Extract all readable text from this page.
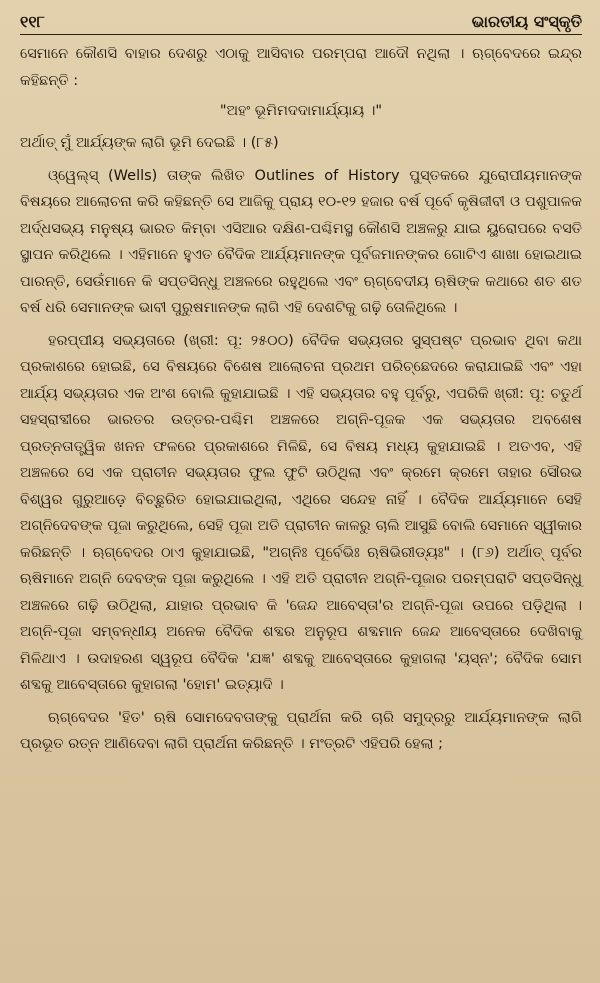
୧୧୮	ଭାରତୀୟ ସଂସ୍କୃତି

ସେମାନେ କୌଣସି ବାହାର ଦେଶରୁ ଏଠାକୁ ଆସିବାର ପରମ୍ପରା ଆଦୌ ନଥିଲା । ଋଗ୍‌ବେଦରେ ଇନ୍ଦ୍ର କହିଛନ୍ତି :

"ଅହଂ ଭୂମିମଦଦାମାର୍ଯ୍ୟାୟ ।"

ଅର୍ଥାତ୍ ମୁଁ ଆର୍ଯ୍ୟଙ୍କ ଲାଗି ଭୂମି ଦେଇଛି । (୮୫)

ଓ୍ୱେଲ୍‌ସ୍ (Wells) ତାଙ୍କ ଲିଖିତ Outlines of History ପୁସ୍ତକରେ ଯୁରୋପୀୟମାନଙ୍କ ବିଷୟରେ ଆଲୋଚନା କରି କହିଛନ୍ତି ସେ ଆଜିକୁ ପ୍ରାୟ ୧୦-୧୨ ହଜାର ବର୍ଷ ପୂର୍ବେ କୃଷିଜୀବୀ ଓ ପଶୁପାଳକ ଅର୍ଦ୍ଧସଭ୍ୟ ମନୁଷ୍ୟ ଭାରତ କିମ୍ବା ଏସିଆର ଦକ୍ଷିଣ-ପଶ୍ଚିମସ୍ଥ କୌଣସି ଅଞ୍ଚଳରୁ ଯାଇ ୟୁରୋପରେ ବସତି ସ୍ଥାପନ କରିଥିଲେ । ଏହିମାନେ ହୁଏତ ବୈଦିକ ଆର୍ଯ୍ୟମାନଙ୍କ ପୂର୍ବଜମାନଙ୍କର ଗୋଟିଏ ଶାଖା ହୋଇଥାଇ ପାରନ୍ତି, ସେଉଁମାନେ କି ସପ୍ତସିନ୍ଧୁ ଅଞ୍ଚଳରେ ରହୁଥିଲେ ଏବଂ ଋଗ୍‌ବେଦୀୟ ଋଷିଙ୍କ କଥାରେ ଶତ ଶତ ବର୍ଷ ଧରି ସେମାନଙ୍କ ଭାବୀ ପୁରୁଷମାନଙ୍କ ଲାଗି ଏହି ଦେଶଟିକୁ ଗଢ଼ି ତୋଳିଥିଲେ ।

ହରପ୍ପୀୟ ସଭ୍ୟତାରେ (ଖ୍ରୀ: ପୂ: ୨୫୦୦) ବୈଦିକ ସଭ୍ୟତାର ସୁସ୍ପଷ୍ଟ ପ୍ରଭାବ ଥିବା କଥା ପ୍ରକାଶରେ ହୋଇଛି, ସେ ବିଷୟରେ ବିଶେଷ ଆଲୋଚନା ପ୍ରଥମ ପରିଚ୍ଛେଦରେ କରାଯାଇଛି ଏବଂ ଏହା ଆର୍ଯ୍ୟ ସଭ୍ୟତାର ଏକ ଅଂଶ ବୋଲି କୁହାଯାଇଛି । ଏହି ସଭ୍ୟତାର ବହୁ ପୂର୍ବରୁ, ଏପରିକି ଖ୍ରୀ: ପୂ: ଚତୁର୍ଥ ସହସ୍ରାବ୍ଦୀରେ ଭାରତର ଉତ୍ତର-ପଶ୍ଚିମ ଅଞ୍ଚଳରେ ଅଗ୍ନି-ପୂଜକ ଏକ ସଭ୍ୟତାର ଅବଶେଷ ପ୍ରତ୍ନତାତ୍ତ୍ୱିକ ଖନନ ଫଳରେ ପ୍ରକାଶରେ ମିଳିଛି, ସେ ବିଷୟ ମଧ୍ୟ କୁହାଯାଇଛି । ଅତଏବ, ଏହି ଅଞ୍ଚଳରେ ସେ ଏକ ପ୍ରାଚୀନ ସଭ୍ୟତାର ଫୁଲ ଫୁଟି ଉଠିଥିଲା ଏବଂ କ୍ରମେ କ୍ରମେ ତାହାର ସୌରଭ ବିଶ୍ୱର ଗୁରୁଆଡ଼େ ବିଚ୍ଛୁରିତ ହୋଇଯାଇଥିଲା, ଏଥିରେ ସନ୍ଦେହ ନାହିଁ । ବୈଦିକ ଆର୍ଯ୍ୟମାନେ ସେହି ଅଗ୍ନିଦେବଙ୍କ ପୂଜା କରୁଥିଲେ, ସେହି ପୂଜା ଅତି ପ୍ରାଚୀନ କାଳରୁ ଚାଲି ଆସୁଛି ବୋଲି ସେମାନେ ସ୍ୱୀକାର କରିଛନ୍ତି । ଋଗ୍‌ବେଦର ଠାଏ କୁହାଯାଇଛି, "ଅଗ୍ନିଃ ପୂର୍ବେଭିଃ ଋଷିଭିରୀଡ୍ୟଃ" । (୮୬) ଅର୍ଥାତ୍ ପୂର୍ବର ଋଷିମାନେ ଅଗ୍ନି ଦେବଙ୍କ ପୂଜା କରୁଥିଲେ । ଏହି ଅତି ପ୍ରାଚୀନ ଅଗ୍ନି-ପୂଜାର ପରମ୍ପରାଟି ସପ୍ତସିନ୍ଧୁ ଅଞ୍ଚଳରେ ଗଢ଼ି ଉଠିଥିଲା, ଯାହାର ପ୍ରଭାବ କି 'ଜେନ୍ଦ ଆବେସ୍ତା'ର ଅଗ୍ନି-ପୂଜା ଉପରେ ପଡ଼ିଥିଲା । ଅଗ୍ନି-ପୂଜା ସମ୍ବନ୍ଧୀୟ ଅନେକ ବୈଦିକ ଶବ୍ଦର ଅନୁରୂପ ଶବ୍ଦମାନ ଜେନ୍ଦ ଆବେସ୍ତାରେ ଦେଖିବାକୁ ମିଳିଥାଏ । ଉଦାହରଣ ସ୍ୱରୂପ ବୈଦିକ 'ଯଜ୍ଞ' ଶବ୍ଦକୁ ଆବେସ୍ତାରେ କୁହାଗଲା 'ୟସ୍ନ'; ବୈଦିକ ସୋମ ଶବ୍ଦକୁ ଆବେସ୍ତାରେ କୁହାଗଲା 'ହୋମ' ଇତ୍ୟାଦି ।

ଋଗ୍‌ବେଦର 'ହିତ' ଋଷି ସୋମଦେବତାଙ୍କୁ ପ୍ରାର୍ଥନା କରି ଚାରି ସମୁଦ୍ରରୁ ଆର୍ଯ୍ୟମାନଙ୍କ ଲାଗି ପ୍ରଭୂତ ରତ୍ନ ଆଣିଦେବା ଲାଗି ପ୍ରାର୍ଥନା କରିଛନ୍ତି । ମଂତ୍ରଟି ଏହିପରି ହେଲା ;
